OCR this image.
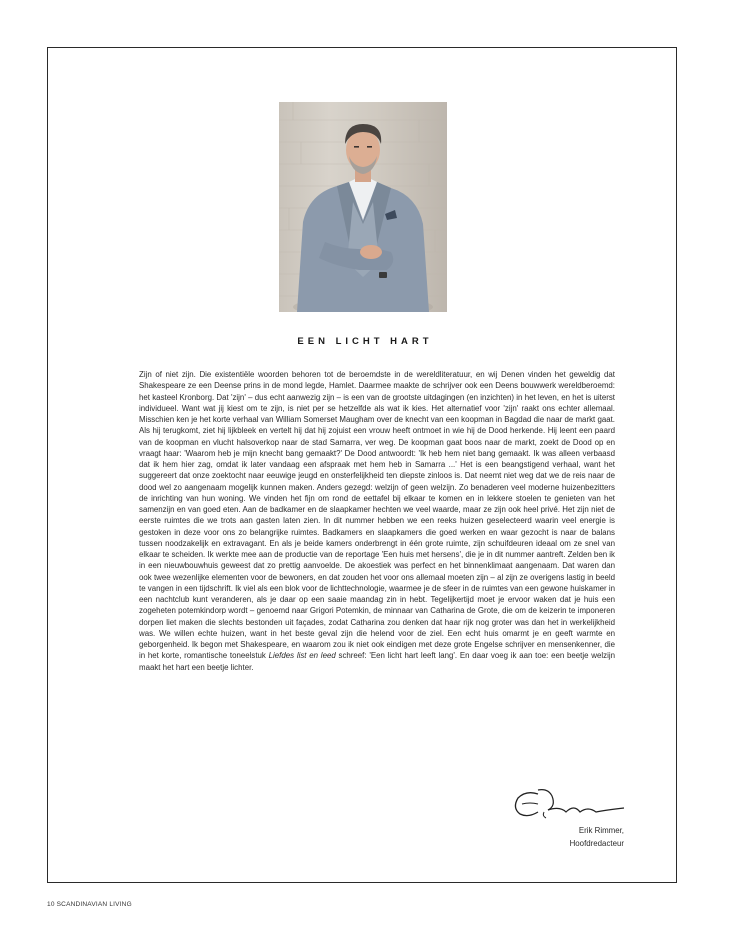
EEN LICHT HART

Zijn of niet zijn. Die existentiële woorden behoren tot de beroemdste in de wereldliteratuur, en wij Denen vinden het geweldig dat Shakespeare ze een Deense prins in de mond legde, Hamlet. Daarmee maakte de schrijver ook een Deens bouwwerk wereldberoemd: het kasteel Kronborg. Dat 'zijn' – dus echt aanwezig zijn – is een van de grootste uitdagingen (en inzichten) in het leven, en het is uiterst individueel. Want wat jij kiest om te zijn, is niet per se hetzelfde als wat ik kies. Het alternatief voor 'zijn' raakt ons echter allemaal. Misschien ken je het korte verhaal van William Somerset Maugham over de knecht van een koopman in Bagdad die naar de markt gaat. Als hij terugkomt, ziet hij lijkbleek en vertelt hij dat hij zojuist een vrouw heeft ontmoet in wie hij de Dood herkende. Hij leent een paard van de koopman en vlucht halsoverkop naar de stad Samarra, ver weg. De koopman gaat boos naar de markt, zoekt de Dood op en vraagt haar: 'Waarom heb je mijn knecht bang gemaakt?' De Dood antwoordt: 'Ik heb hem niet bang gemaakt. Ik was alleen verbaasd dat ik hem hier zag, omdat ik later vandaag een afspraak met hem heb in Samarra ...' Het is een beangstigend verhaal, want het suggereert dat onze zoektocht naar eeuwige jeugd en onsterfelijkheid ten diepste zinloos is. Dat neemt niet weg dat we de reis naar de dood wel zo aangenaam mogelijk kunnen maken. Anders gezegd: welzijn of geen welzijn. Zo benaderen veel moderne huizenbezitters de inrichting van hun woning. We vinden het fijn om rond de eettafel bij elkaar te komen en in lekkere stoelen te genieten van het samenzijn en van goed eten. Aan de badkamer en de slaapkamer hechten we veel waarde, maar ze zijn ook heel privé. Het zijn niet de eerste ruimtes die we trots aan gasten laten zien. In dit nummer hebben we een reeks huizen geselecteerd waarin veel energie is gestoken in deze voor ons zo belangrijke ruimtes. Badkamers en slaapkamers die goed werken en waar gezocht is naar de balans tussen noodzakelijk en extravagant. En als je beide kamers onderbrengt in één grote ruimte, zijn schuifdeuren ideaal om ze snel van elkaar te scheiden. Ik werkte mee aan de productie van de reportage 'Een huis met hersens', die je in dit nummer aantreft. Zelden ben ik in een nieuwbouwhuis geweest dat zo prettig aanvoelde. De akoestiek was perfect en het binnenklimaat aangenaam. Dat waren dan ook twee wezenlijke elementen voor de bewoners, en dat zouden het voor ons allemaal moeten zijn – al zijn ze overigens lastig in beeld te vangen in een tijdschrift. Ik viel als een blok voor de lichttechnologie, waarmee je de sfeer in de ruimtes van een gewone huiskamer in een nachtclub kunt veranderen, als je daar op een saaie maandag zin in hebt. Tegelijkertijd moet je ervoor waken dat je huis een zogeheten potemkindorp wordt – genoemd naar Grigori Potemkin, de minnaar van Catharina de Grote, die om de keizerin te imponeren dorpen liet maken die slechts bestonden uit façades, zodat Catharina zou denken dat haar rijk nog groter was dan het in werkelijkheid was. We willen echte huizen, want in het beste geval zijn die helend voor de ziel. Een echt huis omarmt je en geeft warmte en geborgenheid. Ik begon met Shakespeare, en waarom zou ik niet ook eindigen met deze grote Engelse schrijver en mensenkenner, die in het korte, romantische toneelstuk Liefdes list en leed schreef: 'Een licht hart leeft lang'. En daar voeg ik aan toe: een beetje welzijn maakt het hart een beetje lichter.

Erik Rimmer,
Hoofdredacteur
10 SCANDINAVIAN LIVING
